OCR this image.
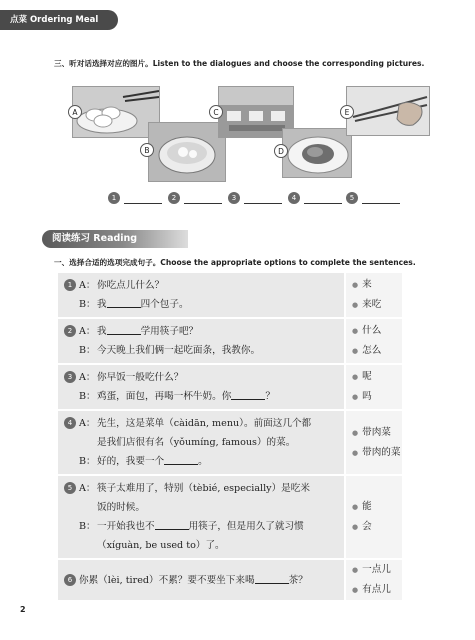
点菜 Ordering Meal
三、听对话选择对应的图片。Listen to the dialogues and choose the corresponding pictures.
A
B
C
D
E
1	2	3	4	5
阅读练习 Reading
一、选择合适的选项完成句子。Choose the appropriate options to complete the sentences.
1 A： 你吃点儿什么？
B： 我	四个包子。
● 来
● 来吃
2 A： 我	学用筷子吧？
B： 今天晚上我们俩一起吃面条，我教你。
● 什么
● 怎么
3 A： 你早饭一般吃什么？
B： 鸡蛋，面包，再喝一杯牛奶。你	？
● 呢
● 吗
4 A： 先生，这是菜单（càidān, menu）。前面这几个都
是我们店很有名（yǒumíng, famous）的菜。
B： 好的，我要一个	。
● 带肉菜
● 带肉的菜
5 A： 筷子太难用了，特别（tèbié, especially）是吃米
饭的时候。
B： 一开始我也不	用筷子，但是用久了就习惯
（xíguàn, be used to）了。
● 能
● 会
6 你累（lèi, tired）不累？要不要坐下来喝	茶？
● 一点儿
● 有点儿
2
